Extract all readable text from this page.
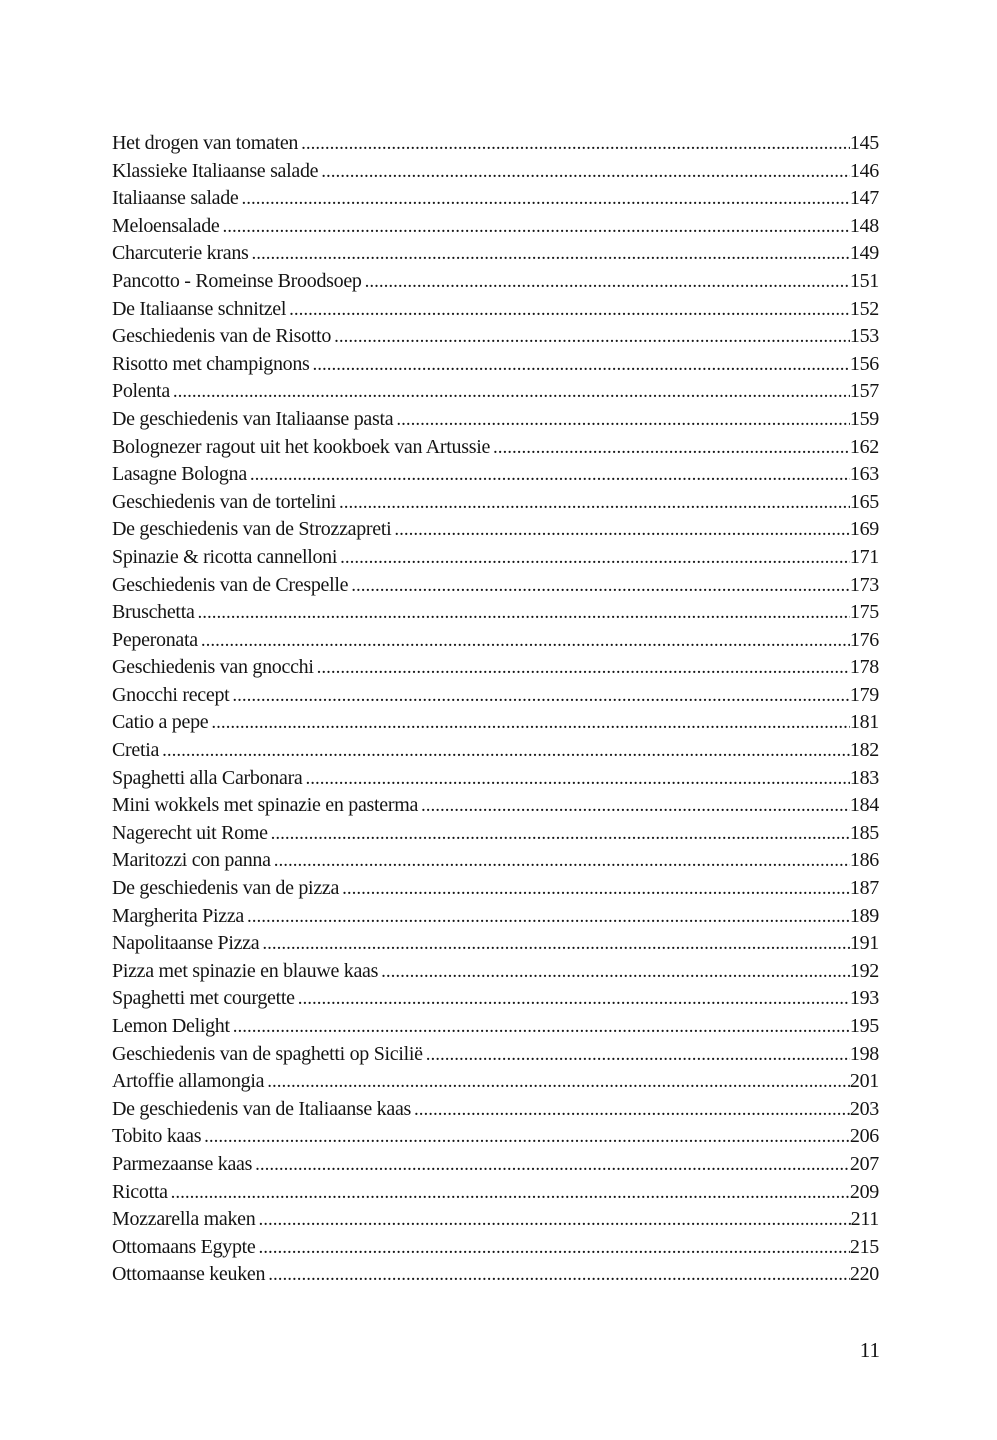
Het drogen van tomaten .....	145
Klassieke Italiaanse salade .....	146
Italiaanse salade .....	147
Meloensalade .....	148
Charcuterie krans .....	149
Pancotto - Romeinse Broodsoep .....	151
De Italiaanse schnitzel .....	152
Geschiedenis van de Risotto .....	153
Risotto met champignons .....	156
Polenta .....	157
De geschiedenis van Italiaanse pasta .....	159
Bolognezer ragout uit het kookboek van Artussie .....	162
Lasagne Bologna .....	163
Geschiedenis van de tortelini .....	165
De geschiedenis van de Strozzapreti .....	169
Spinazie & ricotta cannelloni .....	171
Geschiedenis van de Crespelle .....	173
Bruschetta .....	175
Peperonata .....	176
Geschiedenis van gnocchi .....	178
Gnocchi recept .....	179
Catio a pepe .....	181
Cretia .....	182
Spaghetti alla Carbonara .....	183
Mini wokkels met spinazie en pasterma .....	184
Nagerecht uit Rome .....	185
Maritozzi con panna .....	186
De geschiedenis van de pizza .....	187
Margherita Pizza .....	189
Napolitaanse Pizza .....	191
Pizza met spinazie en blauwe kaas .....	192
Spaghetti met courgette .....	193
Lemon Delight .....	195
Geschiedenis van de spaghetti op Sicilië .....	198
Artoffie allamongia .....	201
De geschiedenis van de Italiaanse kaas .....	203
Tobito kaas .....	206
Parmezaanse kaas .....	207
Ricotta .....	209
Mozzarella maken .....	211
Ottomaans Egypte .....	215
Ottomaanse keuken .....	220
11
